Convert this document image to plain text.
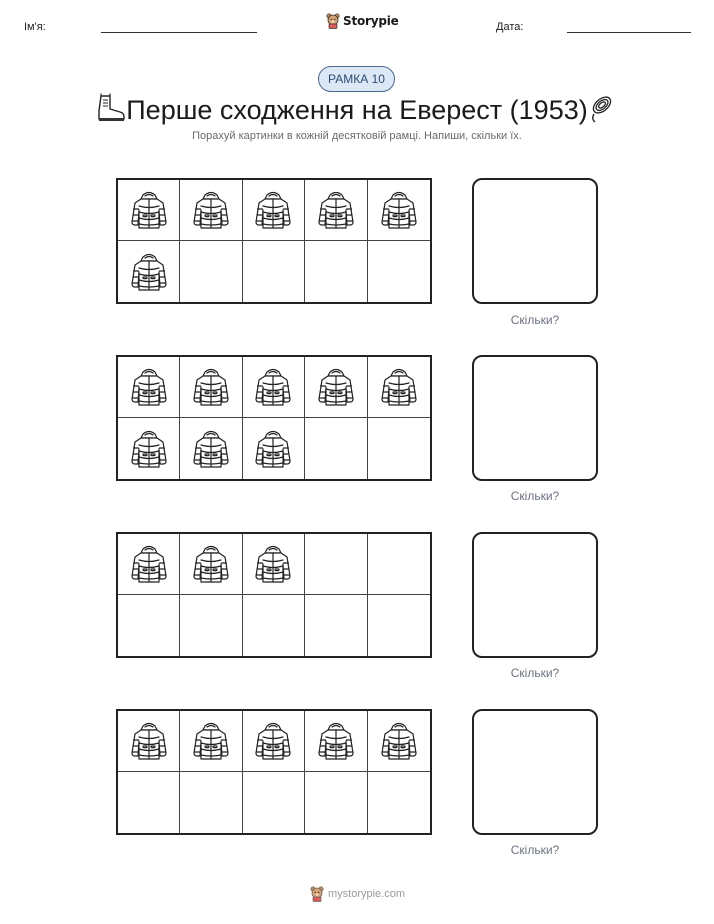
Ім'я:	Storypie	Дата:
РАМКА 10
Перше сходження на Еверест (1953)
Порахуй картинки в кожній десятковій рамці. Напиши, скільки їх.
Скільки?
Скільки?
Скільки?
Скільки?
mystorypie.com
